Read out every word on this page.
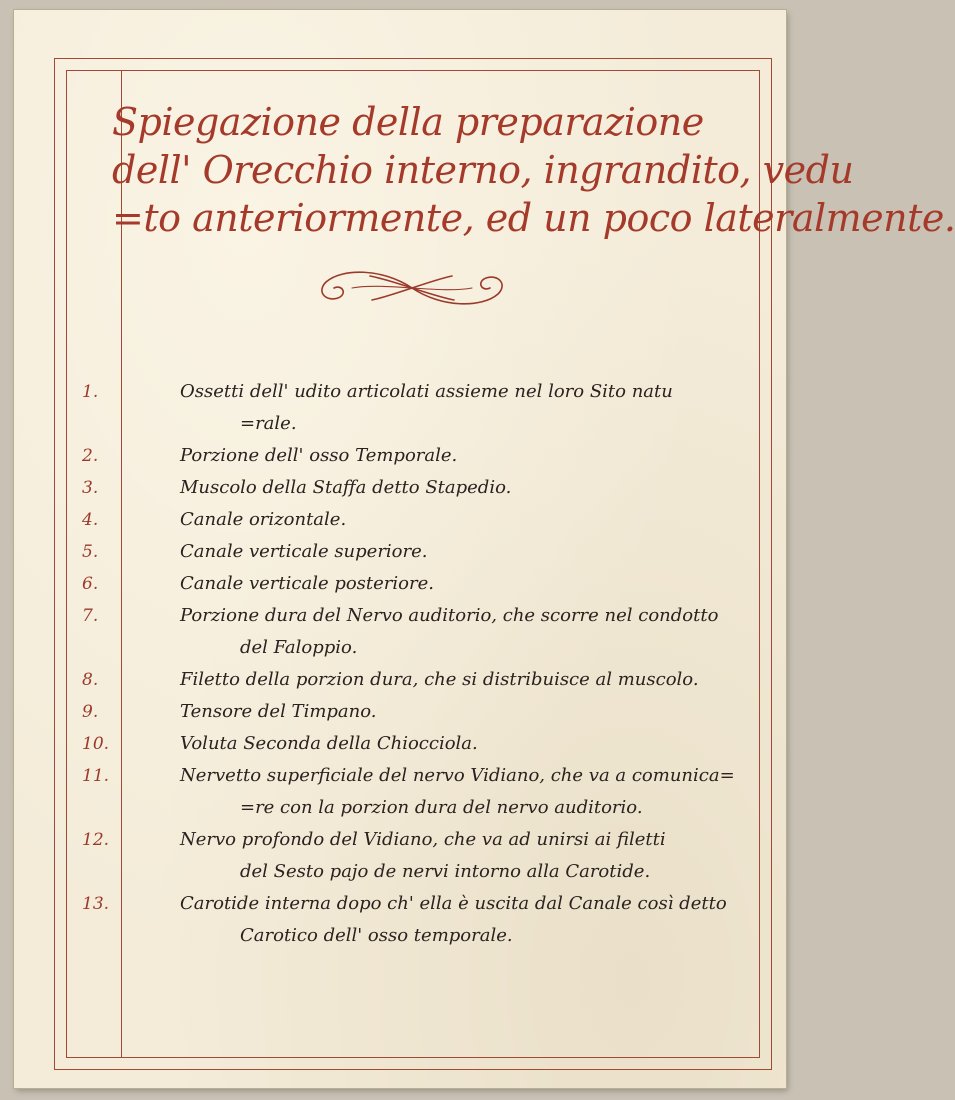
Spiegazione della preparazione
dell' Orecchio interno, ingrandito, vedu
=to anteriormente, ed un poco lateralmente.
1.	Ossetti dell' udito articolati assieme nel loro Sito natu
=rale.
2.	Porzione dell' osso Temporale.
3.	Muscolo della Staffa detto Stapedio.
4.	Canale orizontale.
5.	Canale verticale superiore.
6.	Canale verticale posteriore.
7.	Porzione dura del Nervo auditorio, che scorre nel condotto
del Faloppio.
8.	Filetto della porzion dura, che si distribuisce al muscolo.
9.	Tensore del Timpano.
10.	Voluta Seconda della Chiocciola.
11.	Nervetto superficiale del nervo Vidiano, che va a comunica=
=re con la porzion dura del nervo auditorio.
12.	Nervo profondo del Vidiano, che va ad unirsi ai filetti
del Sesto pajo de nervi intorno alla Carotide.
13.	Carotide interna dopo ch' ella è uscita dal Canale così detto
Carotico dell' osso temporale.
